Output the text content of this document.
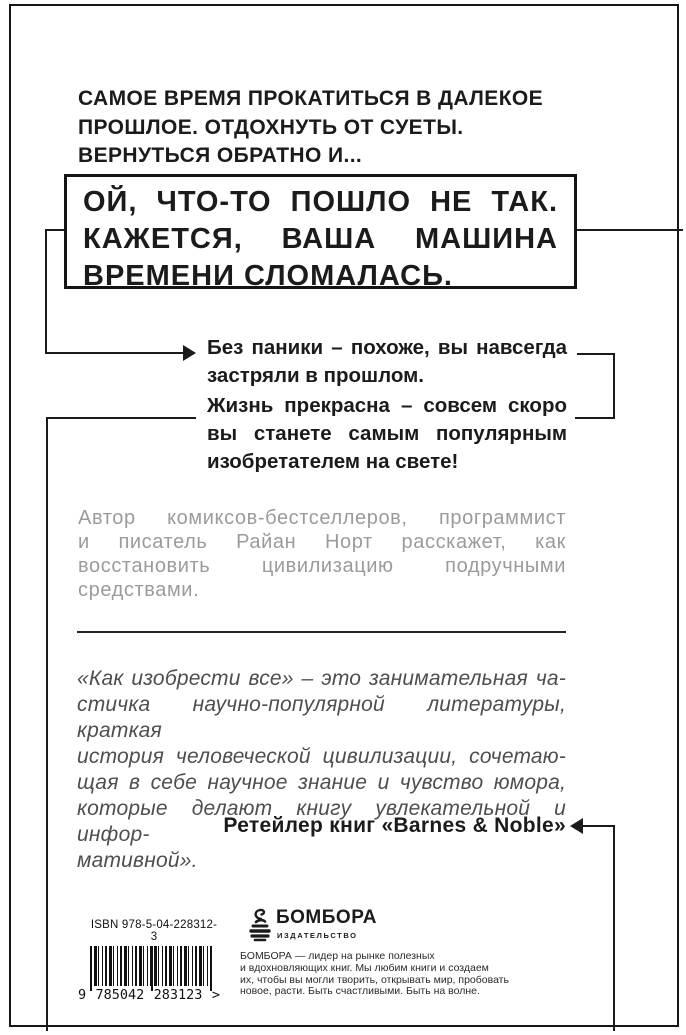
САМОЕ ВРЕМЯ ПРОКАТИТЬСЯ В ДАЛЕКОЕ
ПРОШЛОЕ. ОТДОХНУТЬ ОТ СУЕТЫ.
ВЕРНУТЬСЯ ОБРАТНО И...
ОЙ, ЧТО-ТО ПОШЛО НЕ ТАК.
КАЖЕТСЯ, ВАША МАШИНА
ВРЕМЕНИ СЛОМАЛАСЬ.
Без паники – похоже, вы навсегда
застряли в прошлом.
Жизнь прекрасна – совсем скоро
вы станете самым популярным
изобретателем на свете!
Автор комиксов-бестселлеров, программист
и писатель Райан Норт расскажет, как
восстановить цивилизацию подручными
средствами.
«Как изобрести все» – это занимательная ча-
стичка научно-популярной литературы, краткая
история человеческой цивилизации, сочетаю-
щая в себе научное знание и чувство юмора,
которые делают книгу увлекательной и инфор-
мативной».
Ретейлер книг «Barnes & Noble»
ISBN 978-5-04-228312-3
9 785042 283123 >
БОМБОРА
ИЗДАТЕЛЬСТВО
БОМБОРА — лидер на рынке полезных
и вдохновляющих книг. Мы любим книги и создаем
их, чтобы вы могли творить, открывать мир, пробовать
новое, расти. Быть счастливыми. Быть на волне.
